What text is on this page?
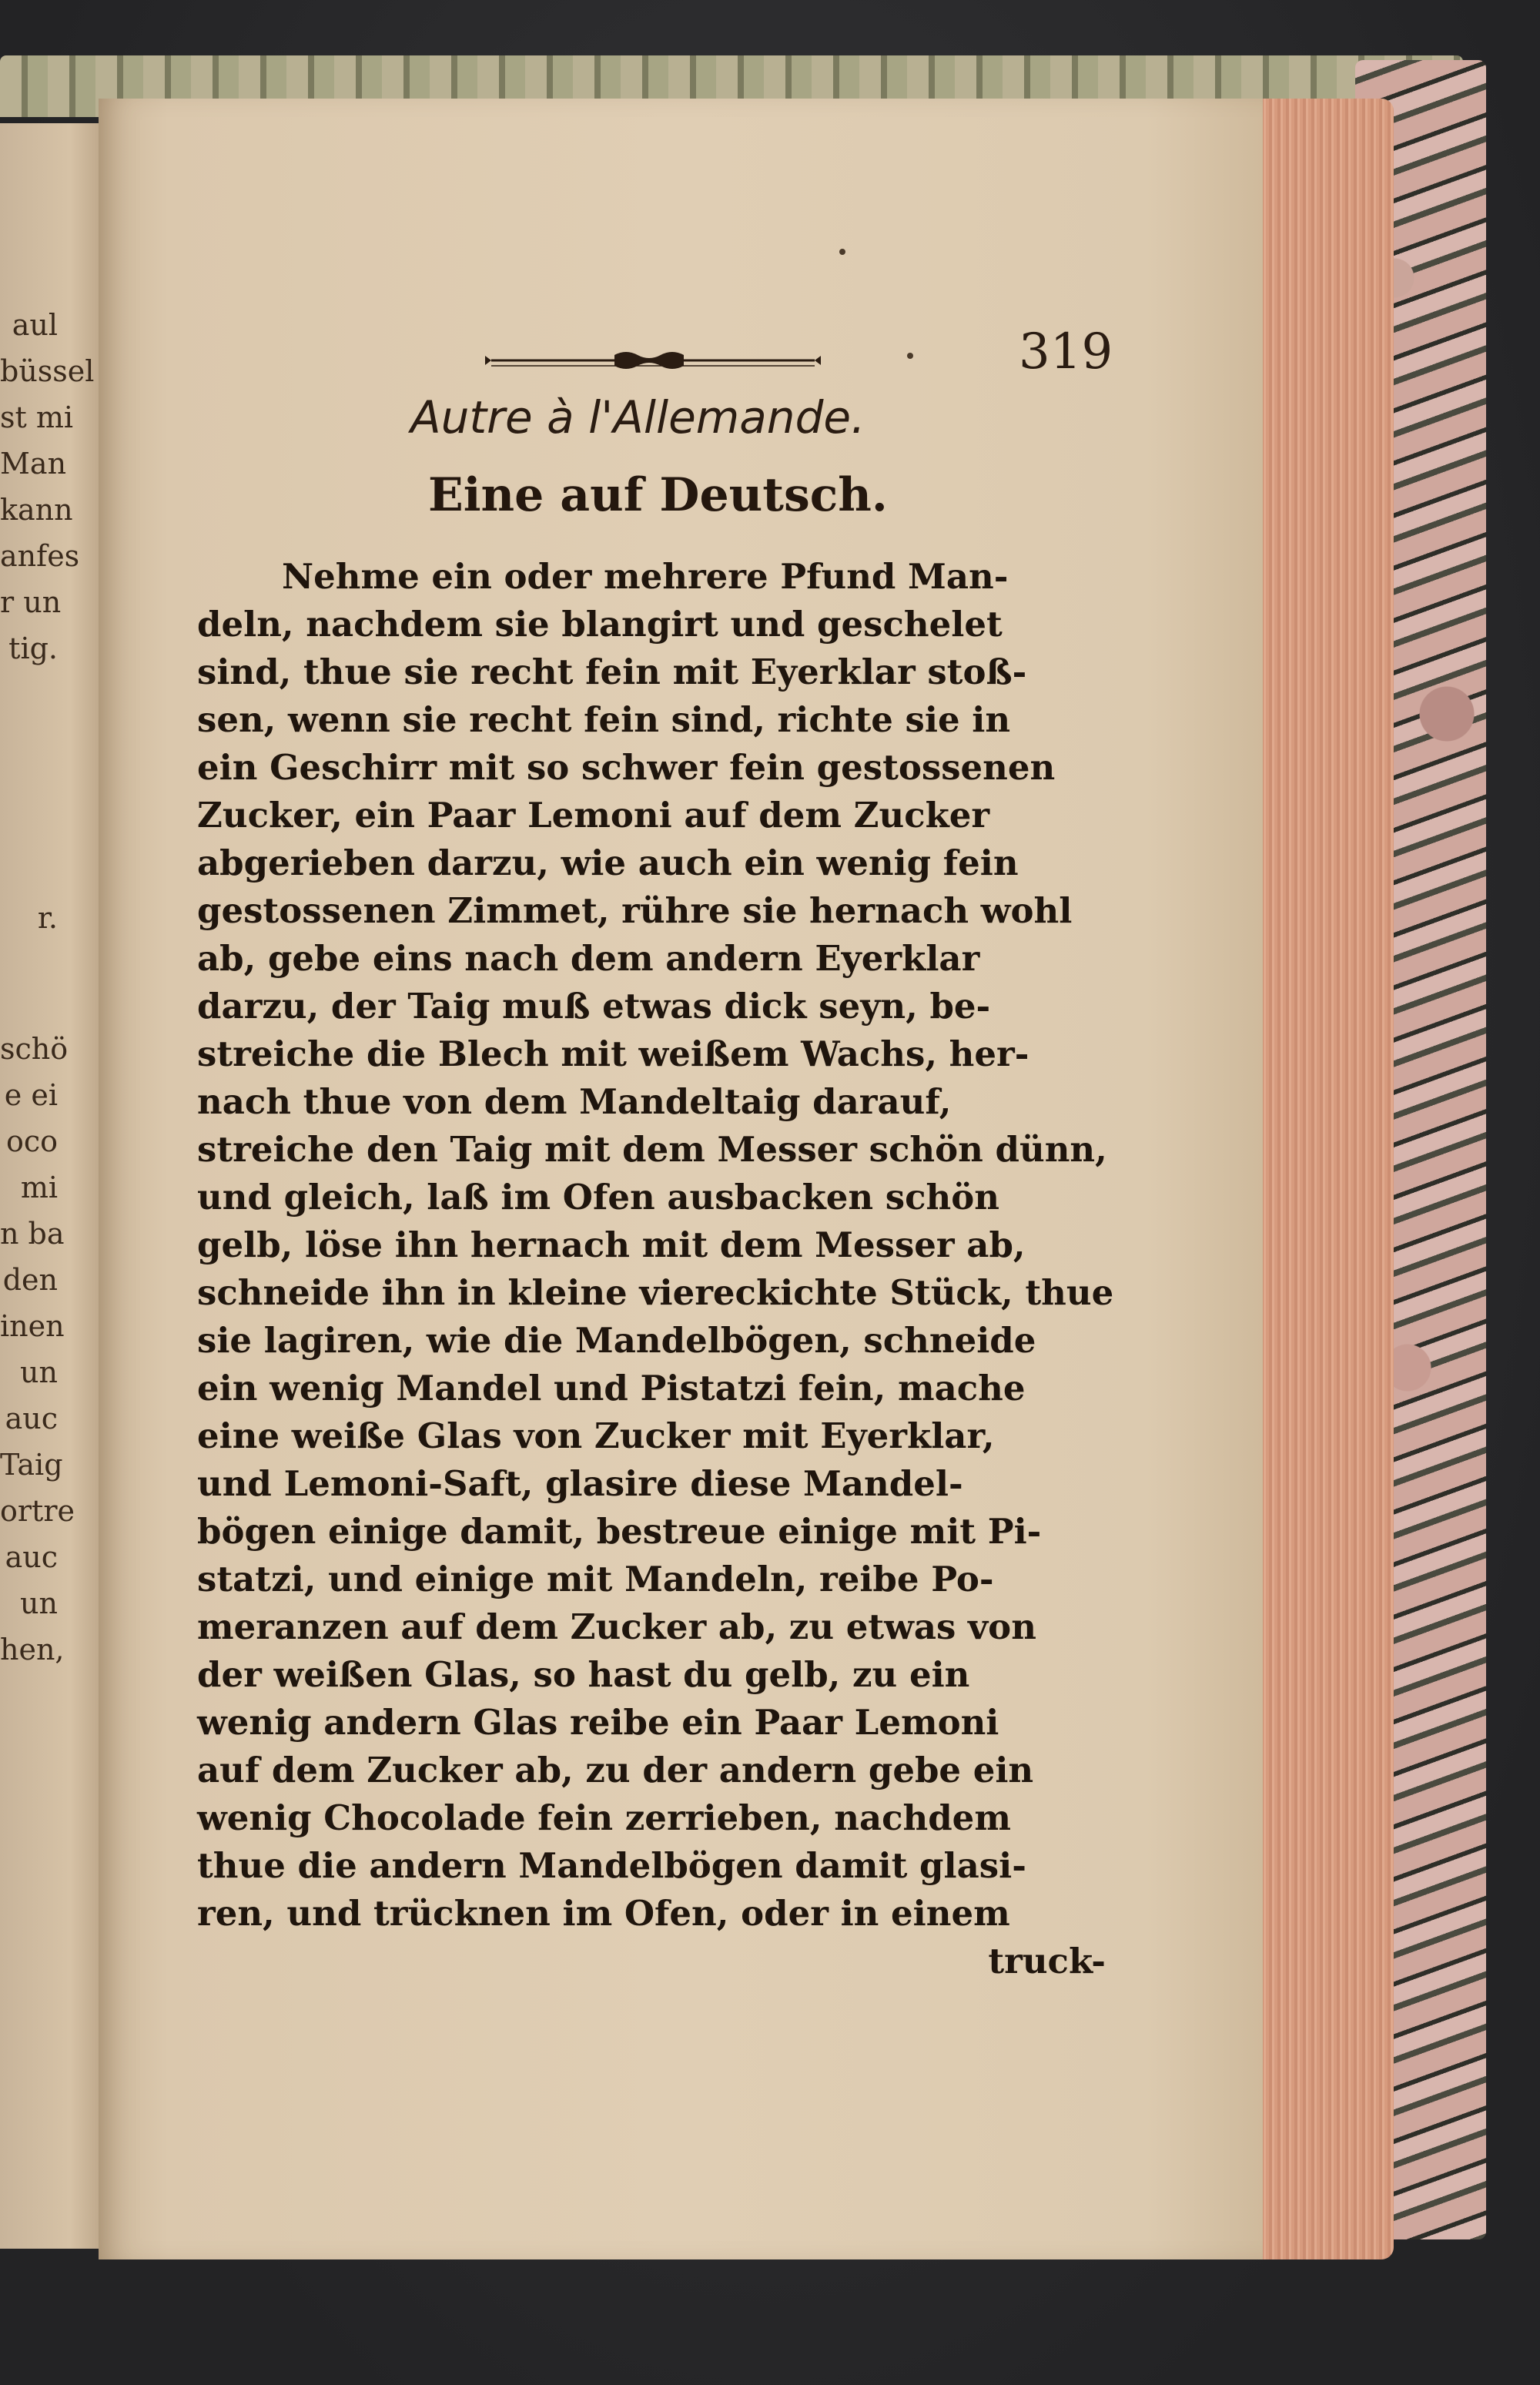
aul
büssel
st mi
Man
kann
anfes
r un
tig.
r.
schö
e ei
oco
mi
n ba
den
inen
un
auc
Taig
ortre
auc
un
hen,
319
Autre à l'Allemande.
Eine auf Deutsch.
Nehme ein oder mehrere Pfund Man-
deln, nachdem sie blangirt und geschelet
sind, thue sie recht fein mit Eyerklar stoß-
sen, wenn sie recht fein sind, richte sie in
ein Geschirr mit so schwer fein gestossenen
Zucker, ein Paar Lemoni auf dem Zucker
abgerieben darzu, wie auch ein wenig fein
gestossenen Zimmet, rühre sie hernach wohl
ab, gebe eins nach dem andern Eyerklar
darzu, der Taig muß etwas dick seyn, be-
streiche die Blech mit weißem Wachs, her-
nach thue von dem Mandeltaig darauf,
streiche den Taig mit dem Messer schön dünn,
und gleich, laß im Ofen ausbacken schön
gelb, löse ihn hernach mit dem Messer ab,
schneide ihn in kleine viereckichte Stück, thue
sie lagiren, wie die Mandelbögen, schneide
ein wenig Mandel und Pistatzi fein, mache
eine weiße Glas von Zucker mit Eyerklar,
und Lemoni-Saft, glasire diese Mandel-
bögen einige damit, bestreue einige mit Pi-
statzi, und einige mit Mandeln, reibe Po-
meranzen auf dem Zucker ab, zu etwas von
der weißen Glas, so hast du gelb, zu ein
wenig andern Glas reibe ein Paar Lemoni
auf dem Zucker ab, zu der andern gebe ein
wenig Chocolade fein zerrieben, nachdem
thue die andern Mandelbögen damit glasi-
ren, und trücknen im Ofen, oder in einem
truck-
